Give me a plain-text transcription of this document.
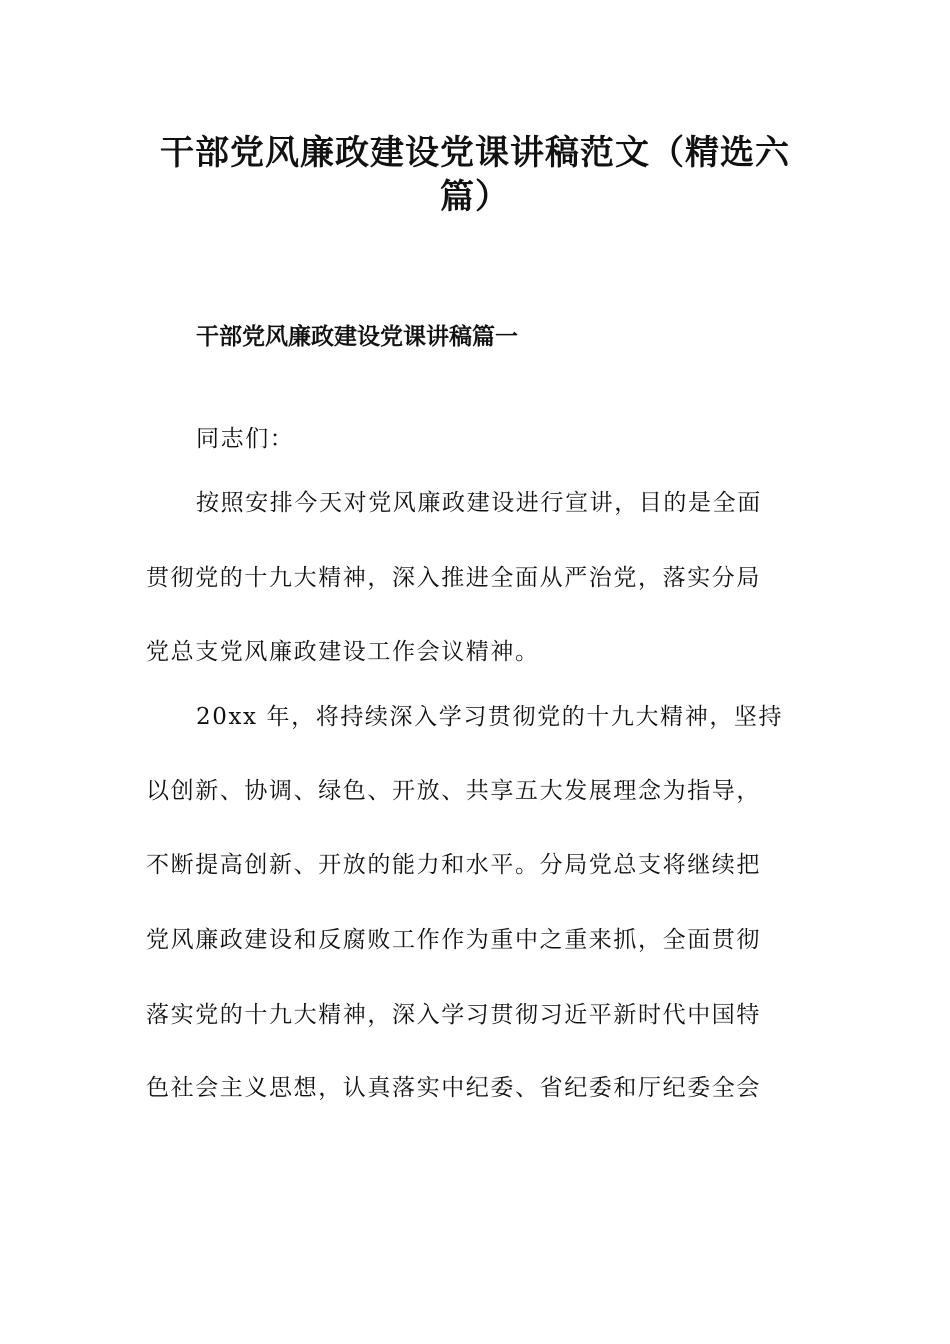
干部党风廉政建设党课讲稿范文（精选六
篇）
干部党风廉政建设党课讲稿篇一

同志们：

按照安排今天对党风廉政建设进行宣讲，目的是全面

贯彻党的十九大精神，深入推进全面从严治党，落实分局

党总支党风廉政建设工作会议精神。

20xx 年，将持续深入学习贯彻党的十九大精神，坚持

以创新、协调、绿色、开放、共享五大发展理念为指导，

不断提高创新、开放的能力和水平。分局党总支将继续把

党风廉政建设和反腐败工作作为重中之重来抓，全面贯彻

落实党的十九大精神，深入学习贯彻习近平新时代中国特

色社会主义思想，认真落实中纪委、省纪委和厅纪委全会
